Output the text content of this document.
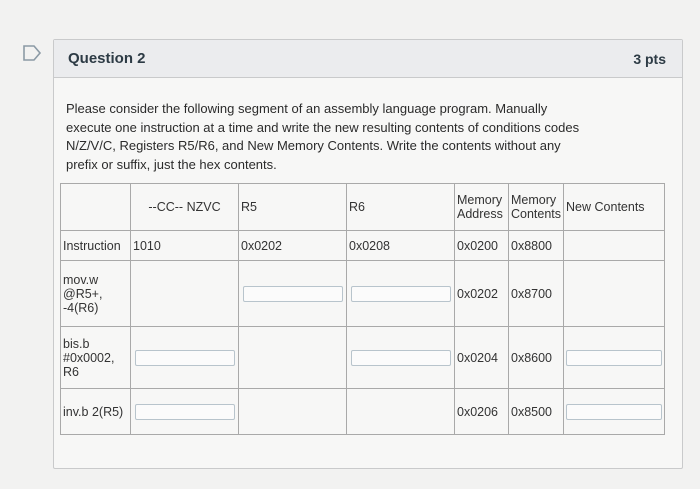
Question 2	3 pts
Please consider the following segment of an assembly language program. Manually execute one instruction at a time and write the new resulting contents of conditions codes N/Z/V/C, Registers R5/R6, and New Memory Contents. Write the contents without any prefix or suffix, just the hex contents.
	--CC-- NZVC	R5	R6	Memory Address	Memory Contents	New Contents
Instruction	1010	0x0202	0x0208	0x0200	0x8800	
mov.w @R5+, -4(R6)				0x0202	0x8700	
bis.b #0x0002, R6				0x0204	0x8600	

inv.b 2(R5)				0x0206	0x8500	
